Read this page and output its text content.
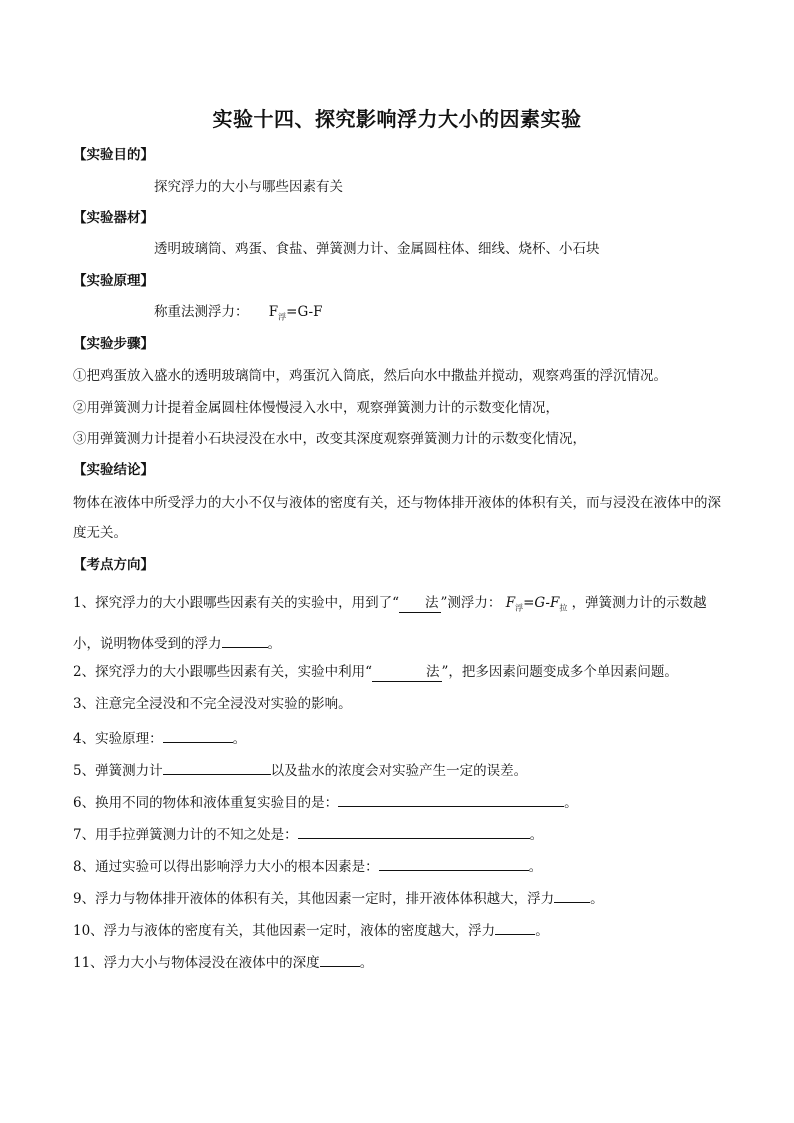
实验十四、探究影响浮力大小的因素实验
【实验目的】
探究浮力的大小与哪些因素有关
【实验器材】
透明玻璃筒、鸡蛋、食盐、弹簧测力计、金属圆柱体、细线、烧杯、小石块
【实验原理】
称重法测浮力： $F_浮=G-F$
【实验步骤】
①把鸡蛋放入盛水的透明玻璃筒中，鸡蛋沉入筒底，然后向水中撒盐并搅动，观察鸡蛋的浮沉情况。
②用弹簧测力计提着金属圆柱体慢慢浸入水中，观察弹簧测力计的示数变化情况，
③用弹簧测力计提着小石块浸没在水中，改变其深度观察弹簧测力计的示数变化情况，
【实验结论】
物体在液体中所受浮力的大小不仅与液体的密度有关，还与物体排开液体的体积有关，而与浸没在液体中的深度无关。
【考点方向】
1、探究浮力的大小跟哪些因素有关的实验中，用到了“ 法 ”测浮力： $F_浮=G-F_拉$ ，弹簧测力计的示数越
小，说明物体受到的浮力	。
2、探究浮力的大小跟哪些因素有关，实验中利用“	法 ”，把多因素问题变成多个单因素问题。
3、注意完全浸没和不完全浸没对实验的影响。
4、实验原理：	。
5、弹簧测力计	以及盐水的浓度会对实验产生一定的误差。
6、换用不同的物体和液体重复实验目的是：	。
7、用手拉弹簧测力计的不知之处是：	。
8、通过实验可以得出影响浮力大小的根本因素是：	。
9、浮力与物体排开液体的体积有关，其他因素一定时，排开液体体积越大，浮力	。
10、浮力与液体的密度有关，其他因素一定时，液体的密度越大，浮力	。
11、浮力大小与物体浸没在液体中的深度	。
